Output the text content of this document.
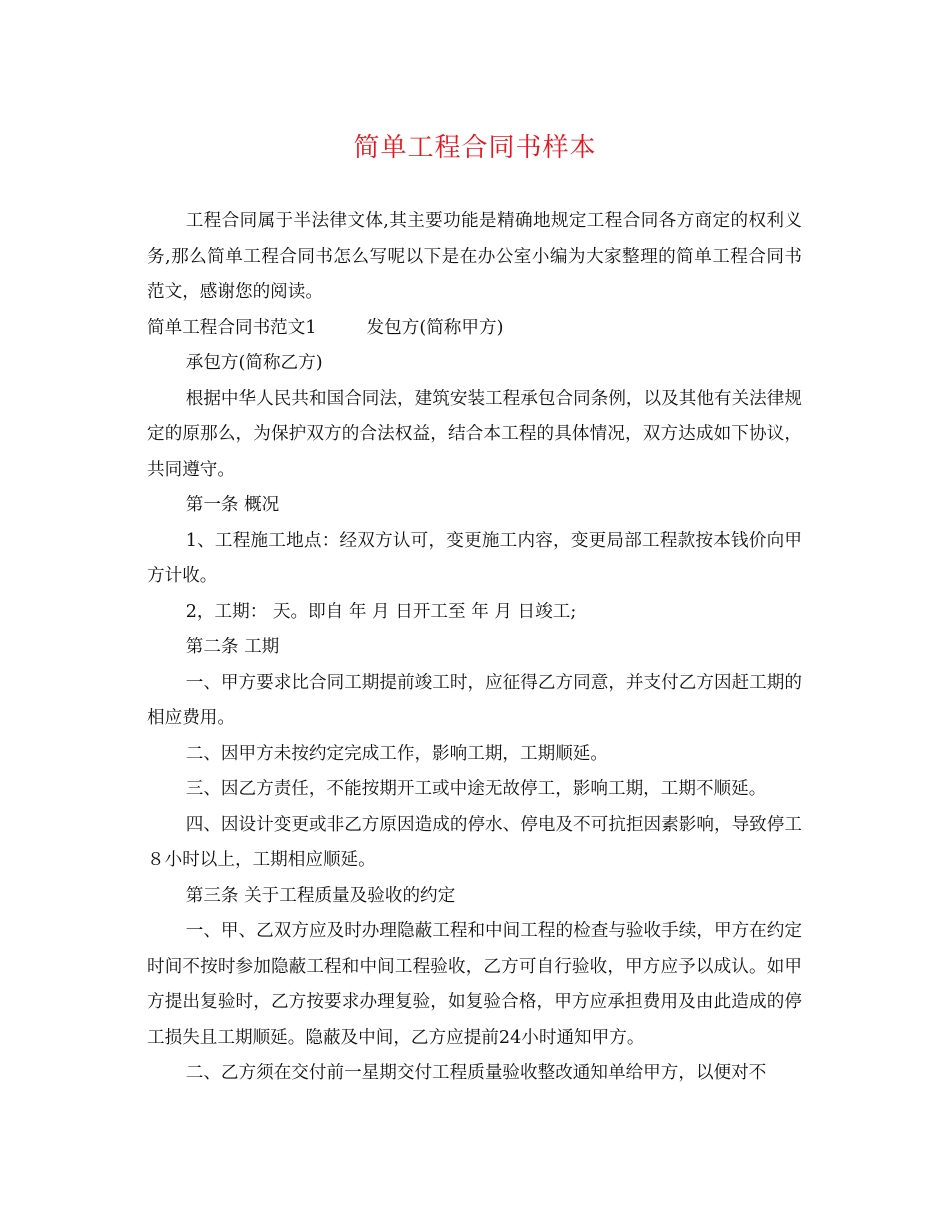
简单工程合同书样本

工程合同属于半法律文体,其主要功能是精确地规定工程合同各方商定的权利义务,那么简单工程合同书怎么写呢以下是在办公室小编为大家整理的简单工程合同书范文，感谢您的阅读。

简单工程合同书范文1	发包方(简称甲方)

承包方(简称乙方)

根据中华人民共和国合同法，建筑安装工程承包合同条例，以及其他有关法律规定的原那么，为保护双方的合法权益，结合本工程的具体情况，双方达成如下协议，共同遵守。

第一条 概况

1、工程施工地点：经双方认可，变更施工内容，变更局部工程款按本钱价向甲方计收。

2，工期： 天。即自 年 月 日开工至 年 月 日竣工;

第二条 工期

一、甲方要求比合同工期提前竣工时，应征得乙方同意，并支付乙方因赶工期的相应费用。

二、因甲方未按约定完成工作，影响工期，工期顺延。

三、因乙方责任，不能按期开工或中途无故停工，影响工期，工期不顺延。

四、因设计变更或非乙方原因造成的停水、停电及不可抗拒因素影响，导致停工８小时以上，工期相应顺延。

第三条 关于工程质量及验收的约定

一、甲、乙双方应及时办理隐蔽工程和中间工程的检查与验收手续，甲方在约定时间不按时参加隐蔽工程和中间工程验收，乙方可自行验收，甲方应予以成认。如甲方提出复验时，乙方按要求办理复验，如复验合格，甲方应承担费用及由此造成的停工损失且工期顺延。隐蔽及中间，乙方应提前24小时通知甲方。

二、乙方须在交付前一星期交付工程质量验收整改通知单给甲方，以便对不
